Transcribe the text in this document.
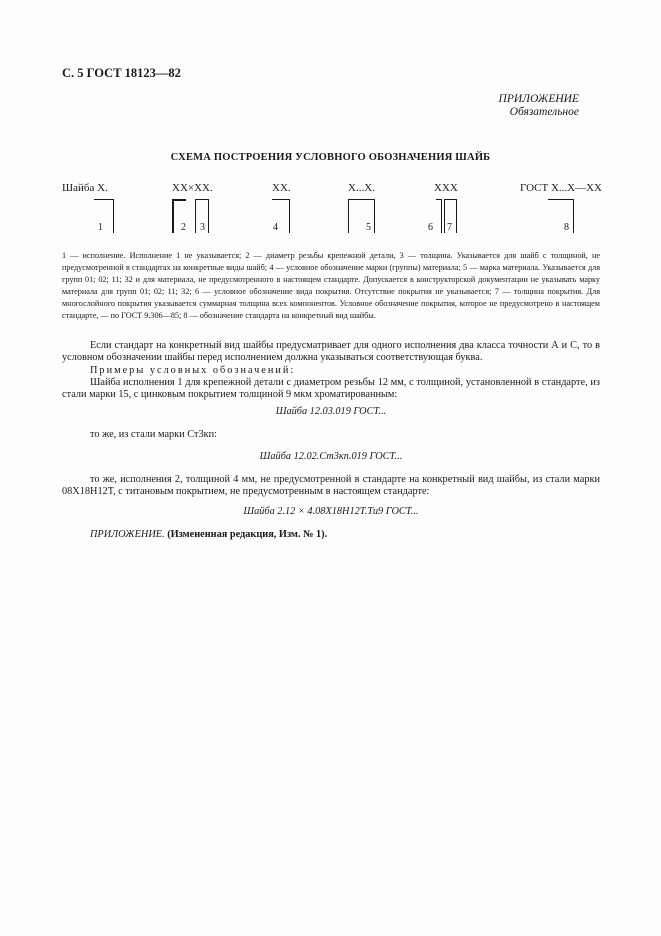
С. 5 ГОСТ 18123—82
ПРИЛОЖЕНИЕ
Обязательное
СХЕМА ПОСТРОЕНИЯ УСЛОВНОГО ОБОЗНАЧЕНИЯ ШАЙБ
Шайба Х.	ХХ×ХХ.	ХХ.	Х...Х.	ХХХ	ГОСТ Х...Х—ХХ
1	2 3	4	5	6 7	8
1 — исполнение. Исполнение 1 не указывается; 2 — диаметр резьбы крепежной детали, 3 — толщина. Указывается для шайб с толщиной, не предусмотренной в стандартах на конкретные виды шайб; 4 — условное обозначение марки (группы) материала; 5 — марка материала. Указывается для групп 01; 02; 11; 32 и для материала, не предусмотренного в настоящем стандарте. Допускается в конструкторской документации не указывать марку материала для групп 01; 02; 11; 32; 6 — условное обозначение вида покрытия. Отсутствие покрытия не указывается; 7 — толщина покрытия. Для многослойного покрытия указывается суммарная толщина всех компонентов. Условное обозначение покрытия, которое не предусмотрено в настоящем стандарте, — по ГОСТ 9.306—85; 8 — обозначение стандарта на конкретный вид шайбы.
Если стандарт на конкретный вид шайбы предусматривает для одного исполнения два класса точности А и С, то в условном обозначении шайбы перед исполнением должна указываться соответствующая буква.
Примеры условных обозначений:
Шайба исполнения 1 для крепежной детали с диаметром резьбы 12 мм, с толщиной, установленной в стандарте, из стали марки 15, с цинковым покрытием толщиной 9 мкм хроматированным:
Шайба 12.03.019 ГОСТ...
то же, из стали марки Ст3кп:
Шайба 12.02.Ст3кп.019 ГОСТ...
то же, исполнения 2, толщиной 4 мм, не предусмотренной в стандарте на конкретный вид шайбы, из стали марки 08Х18Н12Т, с титановым покрытием, не предусмотренным в настоящем стандарте:
Шайба 2.12 × 4.08Х18Н12Т.Ти9 ГОСТ...
ПРИЛОЖЕНИЕ. (Измененная редакция, Изм. № 1).
